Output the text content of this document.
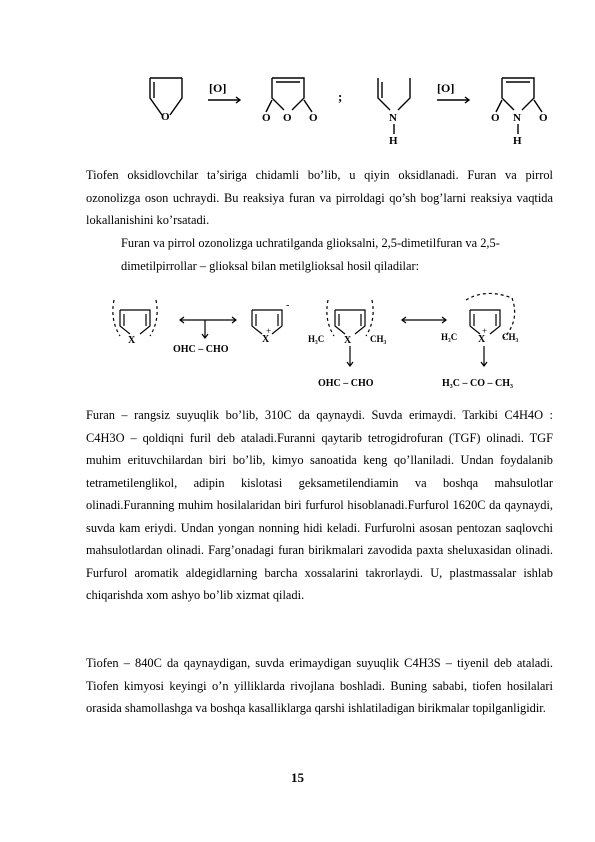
[O]	[O]
;
O	O O O	N
H
O N O
H

Tiofen oksidlovchilar ta’siriga chidamli bo’lib, u qiyin oksidlanadi. Furan va pirrol ozonolizga oson uchraydi. Bu reaksiya furan va pirroldagi qo’sh bog’larni reaksiya vaqtida lokallanishini ko’rsatadi.

Furan va pirrol ozonolizga uchratilganda glioksalni, 2,5-dimetilfuran va 2,5-dimetilpirrollar – glioksal bilan metilglioksal hosil qiladilar:

X
OHC – CHO
X
+
-
H₃C X CH₃	H₃C X
+
CH₃
OHC – CHO	H₃C – CO – CH₃

Furan – rangsiz suyuqlik bo’lib, 310C da qaynaydi. Suvda erimaydi. Tarkibi C4H4O : C4H3O – qoldiqni furil deb ataladi.Furanni qaytarib tetrogidrofuran (TGF) olinadi. TGF muhim erituvchilardan biri bo’lib, kimyo sanoatida keng qo’llaniladi. Undan foydalanib tetrametilenglikol, adipin kislotasi geksametilendiamin va boshqa mahsulotlar olinadi.Furanning muhim hosilalaridan biri furfurol hisoblanadi.Furfurol 1620C da qaynaydi, suvda kam eriydi. Undan yongan nonning hidi keladi. Furfurolni asosan pentozan saqlovchi mahsulotlardan olinadi. Farg’onadagi furan birikmalari zavodida paxta sheluxasidan olinadi. Furfurol aromatik aldegidlarning barcha xossalarini takrorlaydi. U, plastmassalar ishlab chiqarishda xom ashyo bo’lib xizmat qiladi.

Tiofen – 840C da qaynaydigan, suvda erimaydigan suyuqlik C4H3S – tiyenil deb ataladi. Tiofen kimyosi keyingi o’n yilliklarda rivojlana boshladi. Buning sababi, tiofen hosilalari orasida shamollashga va boshqa kasalliklarga qarshi ishlatiladigan birikmalar topilganligidir.

15
